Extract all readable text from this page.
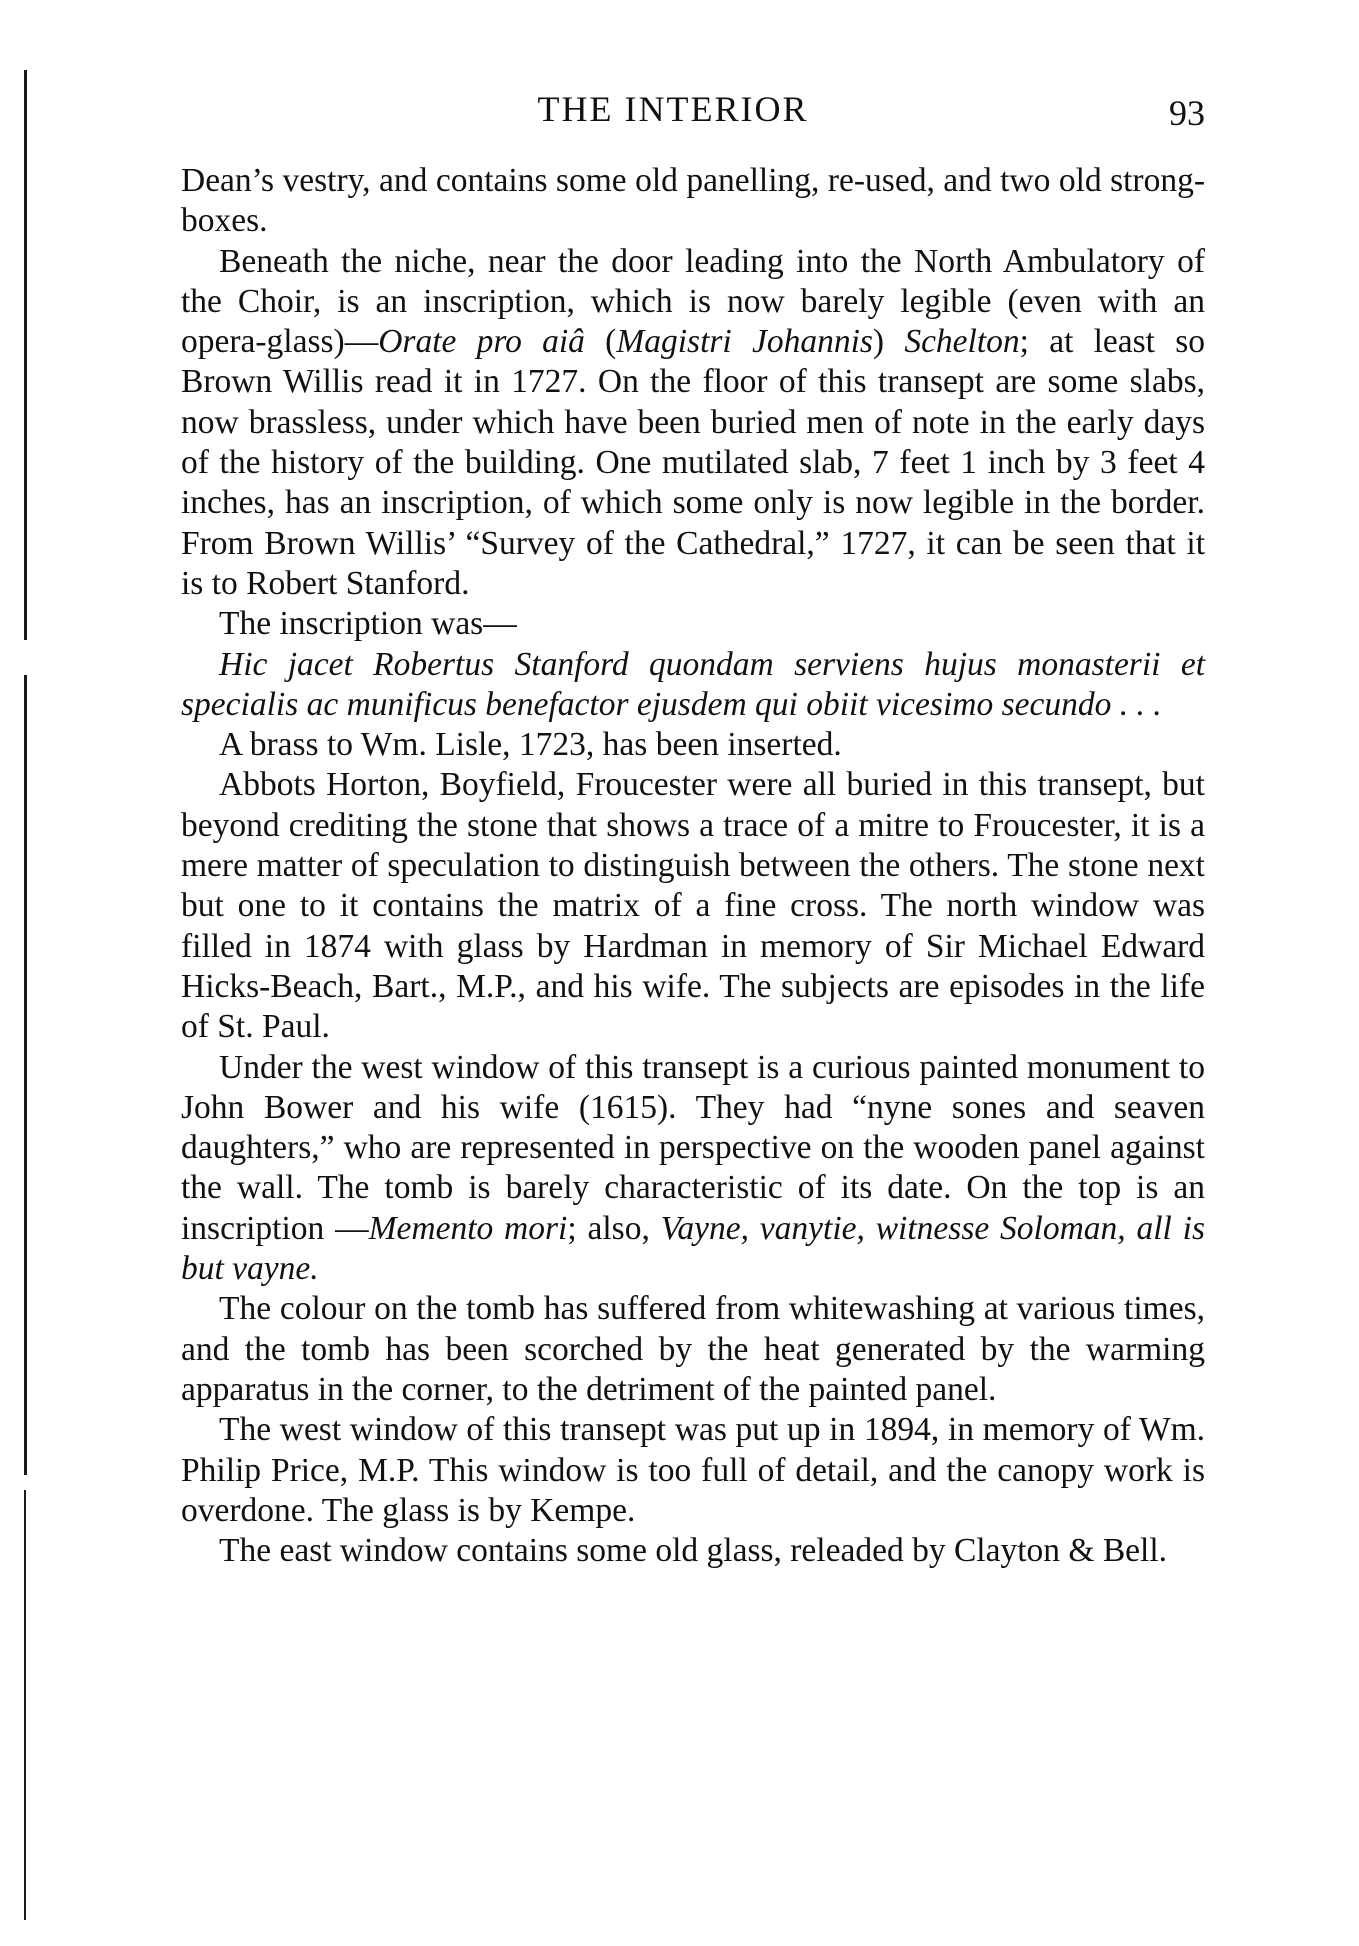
THE INTERIOR	93

Dean’s vestry, and contains some old panelling, re-used, and two old strong-boxes.

Beneath the niche, near the door leading into the North Ambulatory of the Choir, is an inscription, which is now barely legible (even with an opera-glass)—Orate pro aiâ (Magistri Johannis) Schelton; at least so Brown Willis read it in 1727. On the floor of this transept are some slabs, now brassless, under which have been buried men of note in the early days of the history of the building. One mutilated slab, 7 feet 1 inch by 3 feet 4 inches, has an inscription, of which some only is now legible in the border. From Brown Willis’ “Survey of the Cathedral,” 1727, it can be seen that it is to Robert Stanford.

The inscription was—

Hic jacet Robertus Stanford quondam serviens hujus monasterii et specialis ac munificus benefactor ejusdem qui obiit vicesimo secundo . . .

A brass to Wm. Lisle, 1723, has been inserted.

Abbots Horton, Boyfield, Froucester were all buried in this transept, but beyond crediting the stone that shows a trace of a mitre to Froucester, it is a mere matter of speculation to distinguish between the others. The stone next but one to it contains the matrix of a fine cross. The north window was filled in 1874 with glass by Hardman in memory of Sir Michael Edward Hicks-Beach, Bart., M.P., and his wife. The subjects are episodes in the life of St. Paul.

Under the west window of this transept is a curious painted monument to John Bower and his wife (1615). They had “nyne sones and seaven daughters,” who are represented in perspective on the wooden panel against the wall. The tomb is barely characteristic of its date. On the top is an inscription —Memento mori; also, Vayne, vanytie, witnesse Soloman, all is but vayne.

The colour on the tomb has suffered from whitewashing at various times, and the tomb has been scorched by the heat generated by the warming apparatus in the corner, to the detriment of the painted panel.

The west window of this transept was put up in 1894, in memory of Wm. Philip Price, M.P. This window is too full of detail, and the canopy work is overdone. The glass is by Kempe.

The east window contains some old glass, releaded by Clayton & Bell.
